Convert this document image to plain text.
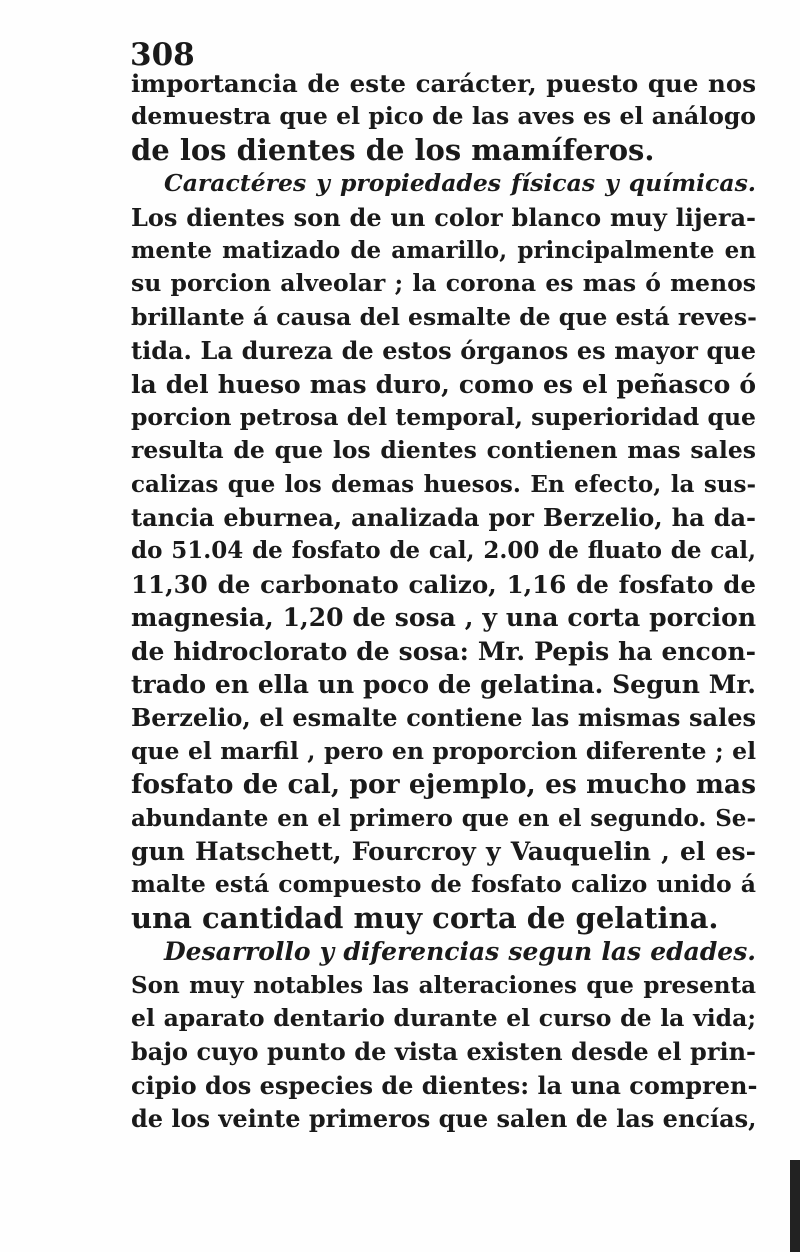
308
importancia de este carácter, puesto que nos
demuestra que el pico de las aves es el análogo
de los dientes de los mamíferos.
Caractéres y propiedades físicas y químicas.
Los dientes son de un color blanco muy lijera-
mente matizado de amarillo, principalmente en
su porcion alveolar ; la corona es mas ó menos
brillante á causa del esmalte de que está reves-
tida. La dureza de estos órganos es mayor que
la del hueso mas duro, como es el peñasco ó
porcion petrosa del temporal, superioridad que
resulta de que los dientes contienen mas sales
calizas que los demas huesos. En efecto, la sus-
tancia eburnea, analizada por Berzelio, ha da-
do 51.04 de fosfato de cal, 2.00 de fluato de cal,
11,30 de carbonato calizo, 1,16 de fosfato de
magnesia, 1,20 de sosa , y una corta porcion
de hidroclorato de sosa: Mr. Pepis ha encon-
trado en ella un poco de gelatina. Segun Mr.
Berzelio, el esmalte contiene las mismas sales
que el marfil , pero en proporcion diferente ; el
fosfato de cal, por ejemplo, es mucho mas
abundante en el primero que en el segundo. Se-
gun Hatschett, Fourcroy y Vauquelin , el es-
malte está compuesto de fosfato calizo unido á
una cantidad muy corta de gelatina.
Desarrollo y diferencias segun las edades.
Son muy notables las alteraciones que presenta
el aparato dentario durante el curso de la vida;
bajo cuyo punto de vista existen desde el prin-
cipio dos especies de dientes: la una compren-
de los veinte primeros que salen de las encías,
